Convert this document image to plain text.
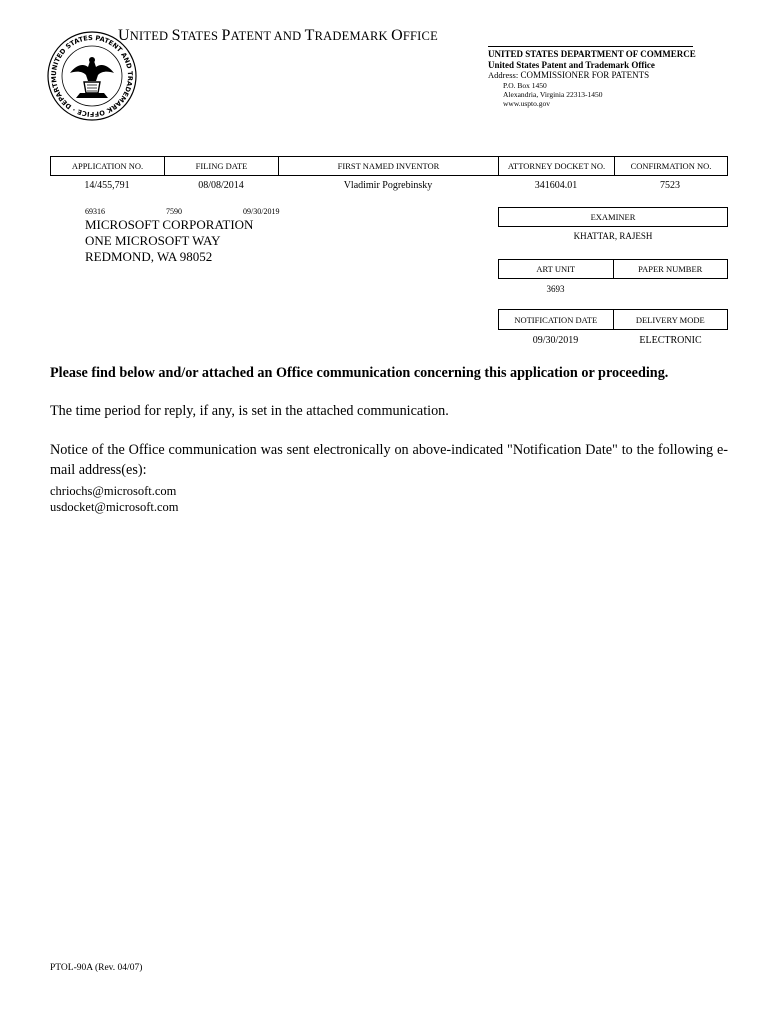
UNITED STATES PATENT AND TRADEMARK OFFICE · DEPARTM
UNITED STATES PATENT AND TRADEMARK OFFICE
UNITED STATES DEPARTMENT OF COMMERCE
United States Patent and Trademark Office
Address: COMMISSIONER FOR PATENTS
P.O. Box 1450
Alexandria, Virginia 22313-1450
www.uspto.gov
APPLICATION NO.	FILING DATE	FIRST NAMED INVENTOR	ATTORNEY DOCKET NO.	CONFIRMATION NO.
14/455,791	08/08/2014	Vladimir Pogrebinsky	341604.01	7523
69316	7590	09/30/2019
MICROSOFT CORPORATION
ONE MICROSOFT WAY
REDMOND, WA 98052
EXAMINER
KHATTAR, RAJESH
ART UNIT	PAPER NUMBER
3693
NOTIFICATION DATE	DELIVERY MODE
09/30/2019	ELECTRONIC
Please find below and/or attached an Office communication concerning this application or proceeding.
The time period for reply, if any, is set in the attached communication.
Notice of the Office communication was sent electronically on above-indicated "Notification Date" to the following e-mail address(es):
chriochs@microsoft.com
usdocket@microsoft.com
PTOL-90A (Rev. 04/07)
